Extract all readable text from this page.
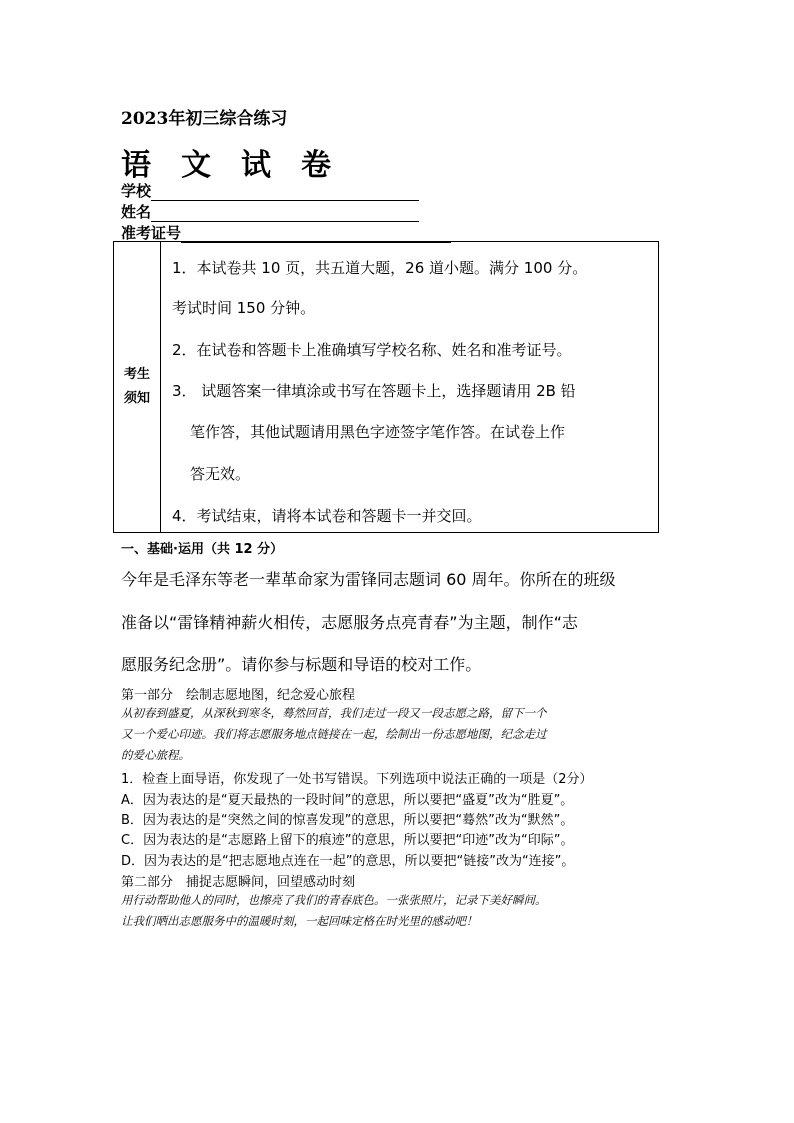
2023年初三综合练习
语文试卷
学校
姓名
准考证号
考生
须知
1．本试卷共 10 页，共五道大题，26 道小题。满分 100 分。
考试时间 150 分钟。
2．在试卷和答题卡上准确填写学校名称、姓名和准考证号。
3． 试题答案一律填涂或书写在答题卡上，选择题请用 2B 铅
笔作答，其他试题请用黑色字迹签字笔作答。在试卷上作
答无效。
4．考试结束，请将本试卷和答题卡一并交回。
一、基础·运用（共 12 分）
今年是毛泽东等老一辈革命家为雷锋同志题词 60 周年。你所在的班级
准备以“雷锋精神薪火相传，志愿服务点亮青春”为主题，制作“志
愿服务纪念册”。请你参与标题和导语的校对工作。
第一部分　绘制志愿地图，纪念爱心旅程
从初春到盛夏，从深秋到寒冬，蓦然回首，我们走过一段又一段志愿之路，留下一个
又一个爱心印迹。我们将志愿服务地点链接在一起，绘制出一份志愿地图，纪念走过
的爱心旅程。
1．检查上面导语，你发现了一处书写错误。下列选项中说法正确的一项是（2分）
A．因为表达的是“夏天最热的一段时间”的意思，所以要把“盛夏”改为“胜夏”。
B．因为表达的是“突然之间的惊喜发现”的意思，所以要把“蓦然”改为“默然”。
C．因为表达的是“志愿路上留下的痕迹”的意思，所以要把“印迹”改为“印际”。
D．因为表达的是“把志愿地点连在一起”的意思，所以要把“链接”改为“连接”。
第二部分　捕捉志愿瞬间，回望感动时刻
用行动帮助他人的同时，也擦亮了我们的青春底色。一张张照片，记录下美好瞬间。
让我们晒出志愿服务中的温暖时刻，一起回味定格在时光里的感动吧！
